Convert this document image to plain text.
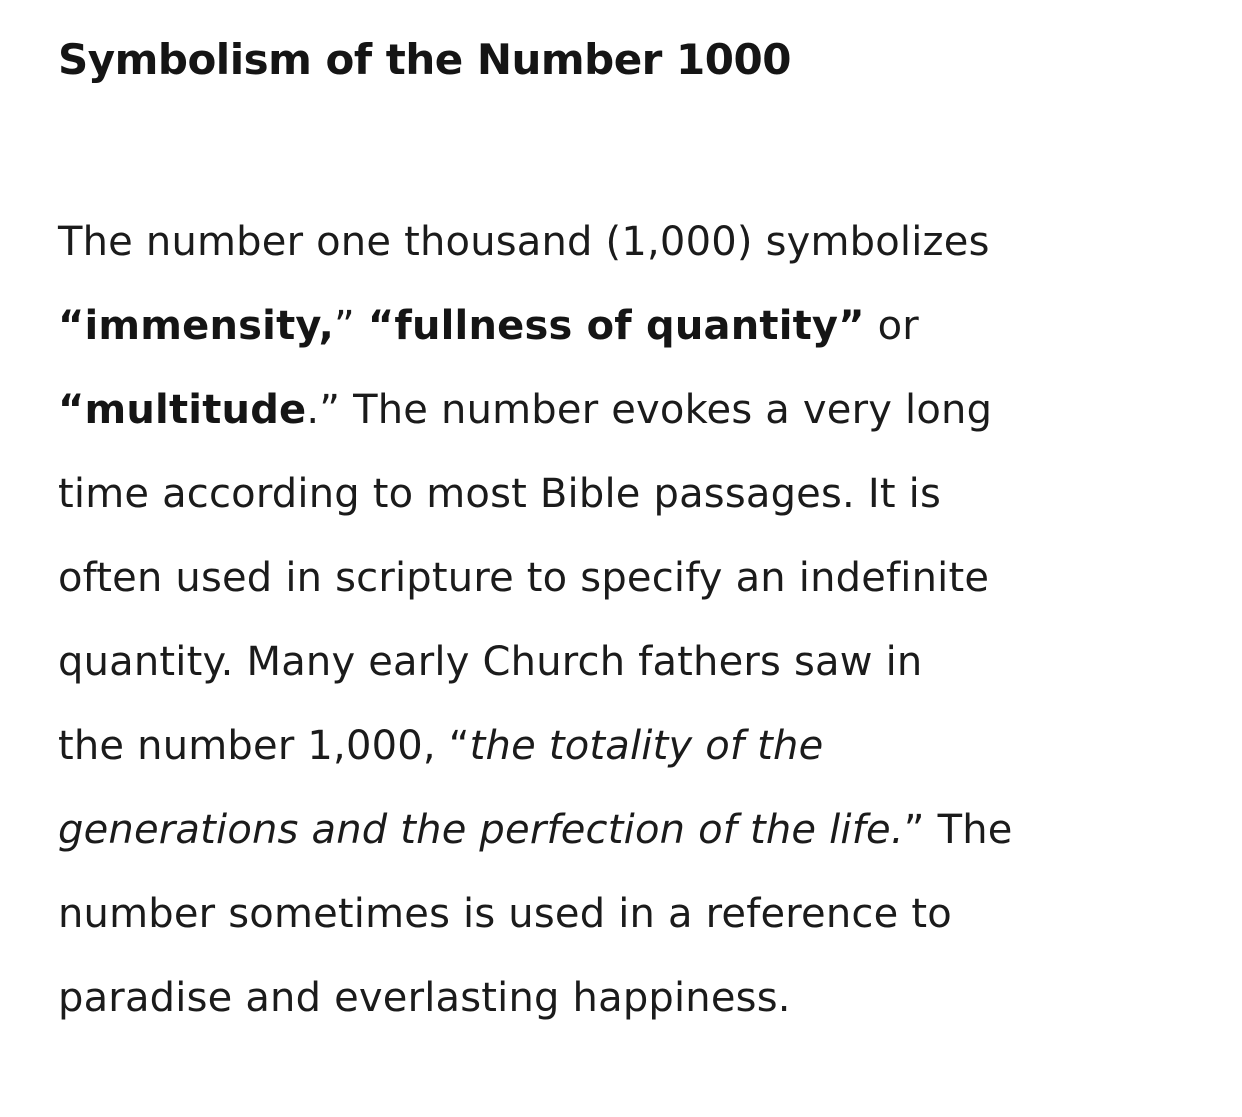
Symbolism of the Number 1000

The number one thousand (1,000) symbolizes
“immensity,” “fullness of quantity” or
“multitude.” The number evokes a very long
time according to most Bible passages. It is
often used in scripture to specify an indefinite
quantity. Many early Church fathers saw in
the number 1,000, “the totality of the
generations and the perfection of the life.” The
number sometimes is used in a reference to
paradise and everlasting happiness.
